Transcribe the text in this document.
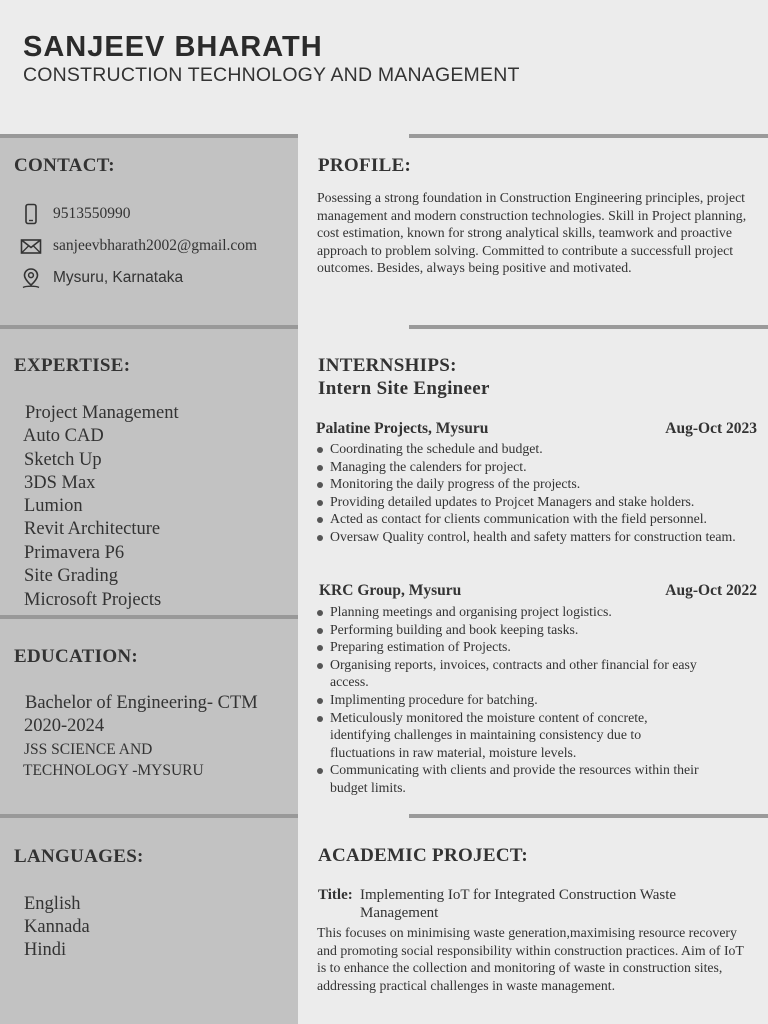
SANJEEV BHARATH
CONSTRUCTION TECHNOLOGY AND MANAGEMENT
CONTACT:
9513550990
sanjeevbharath2002@gmail.com
Mysuru, Karnataka
EXPERTISE:
Project Management
Auto CAD
Sketch Up
3DS Max
Lumion
Revit Architecture
Primavera P6
Site Grading
Microsoft Projects
EDUCATION:
Bachelor of Engineering- CTM
2020-2024
JSS SCIENCE AND
TECHNOLOGY -MYSURU
LANGUAGES:
English
Kannada
Hindi
PROFILE:
Posessing a strong foundation in Construction Engineering principles, project management and modern construction technologies. Skill in Project planning, cost estimation, known for strong analytical skills, teamwork and proactive approach to problem solving. Committed to contribute a successfull project outcomes. Besides, always being positive and motivated.
INTERNSHIPS:
Intern Site Engineer
Palatine Projects, Mysuru	Aug-Oct 2023
Coordinating the schedule and budget.
Managing the calenders for project.
Monitoring the daily progress of the projects.
Providing detailed updates to Projcet Managers and stake holders.
Acted as contact for clients communication with the field personnel.
Oversaw Quality control, health and safety matters for construction team.
KRC Group, Mysuru	Aug-Oct 2022
Planning meetings and organising project logistics.
Performing building and book keeping tasks.
Preparing estimation of Projects.
Organising reports, invoices, contracts and other financial for easy access.
Implimenting procedure for batching.
Meticulously monitored the moisture content of concrete, identifying challenges in maintaining consistency due to fluctuations in raw material, moisture levels.
Communicating with clients and provide the resources within their budget limits.
ACADEMIC PROJECT:
Title: Implementing IoT for Integrated Construction Waste Management
This focuses on minimising waste generation,maximising resource recovery and promoting social responsibility within construction practices. Aim of IoT is to enhance the collection and monitoring of waste in construction sites, addressing practical challenges in waste management.
